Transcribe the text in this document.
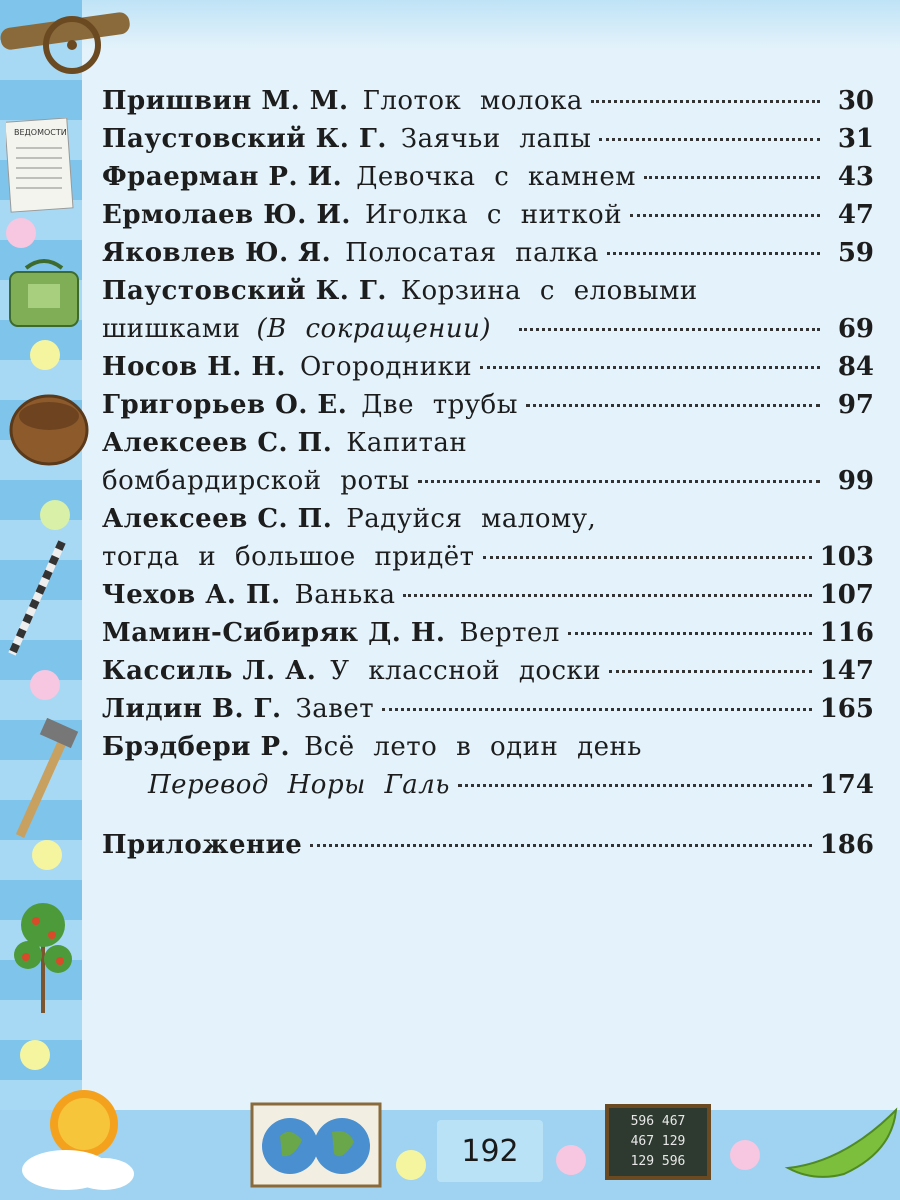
ВЕДОМОСТИ
192
596 467
467 129
129 596
Пришвин М. М. Глоток молока	30
Паустовский К. Г. Заячьи лапы	31
Фраерман Р. И. Девочка с камнем	43
Ермолаев Ю. И. Иголка с ниткой	47
Яковлев Ю. Я. Полосатая палка	59
Паустовский К. Г. Корзина с еловыми
шишками (В сокращении)	69
Носов Н. Н. Огородники	84
Григорьев О. Е. Две трубы	97
Алексеев С. П. Капитан
бомбардирской роты	99
Алексеев С. П. Радуйся малому,
тогда и большое придёт	103
Чехов А. П. Ванька	107
Мамин-Сибиряк Д. Н. Вертел	116
Кассиль Л. А. У классной доски	147
Лидин В. Г. Завет	165
Брэдбери Р. Всё лето в один день
Перевод Норы Галь	174
Приложение	186
